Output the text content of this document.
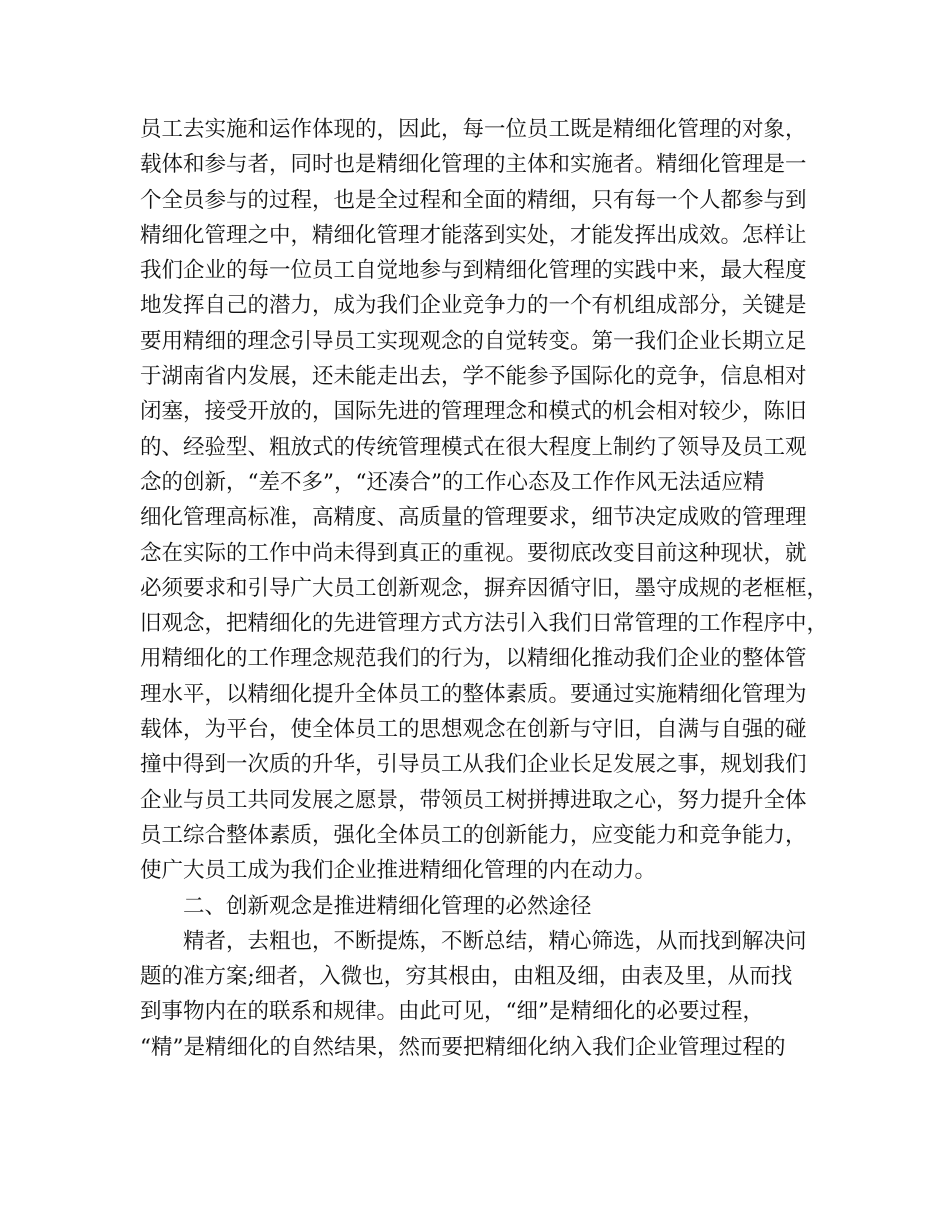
员工去实施和运作体现的，因此，每一位员工既是精细化管理的对象，
载体和参与者，同时也是精细化管理的主体和实施者。精细化管理是一
个全员参与的过程，也是全过程和全面的精细，只有每一个人都参与到
精细化管理之中，精细化管理才能落到实处，才能发挥出成效。怎样让
我们企业的每一位员工自觉地参与到精细化管理的实践中来，最大程度
地发挥自己的潜力，成为我们企业竞争力的一个有机组成部分，关键是
要用精细的理念引导员工实现观念的自觉转变。第一我们企业长期立足
于湖南省内发展，还未能走出去，学不能参予国际化的竞争，信息相对
闭塞，接受开放的，国际先进的管理理念和模式的机会相对较少，陈旧
的、经验型、粗放式的传统管理模式在很大程度上制约了领导及员工观
念的创新，“差不多”，“还凑合”的工作心态及工作作风无法适应精
细化管理高标准，高精度、高质量的管理要求，细节决定成败的管理理
念在实际的工作中尚未得到真正的重视。要彻底改变目前这种现状，就
必须要求和引导广大员工创新观念，摒弃因循守旧，墨守成规的老框框，
旧观念，把精细化的先进管理方式方法引入我们日常管理的工作程序中，
用精细化的工作理念规范我们的行为，以精细化推动我们企业的整体管
理水平，以精细化提升全体员工的整体素质。要通过实施精细化管理为
载体，为平台，使全体员工的思想观念在创新与守旧，自满与自强的碰
撞中得到一次质的升华，引导员工从我们企业长足发展之事，规划我们
企业与员工共同发展之愿景，带领员工树拼搏进取之心，努力提升全体
员工综合整体素质，强化全体员工的创新能力，应变能力和竞争能力，
使广大员工成为我们企业推进精细化管理的内在动力。
二、创新观念是推进精细化管理的必然途径
精者，去粗也，不断提炼，不断总结，精心筛选，从而找到解决问
题的准方案;细者，入微也，穷其根由，由粗及细，由表及里，从而找
到事物内在的联系和规律。由此可见，“细”是精细化的必要过程，
“精”是精细化的自然结果，然而要把精细化纳入我们企业管理过程的
